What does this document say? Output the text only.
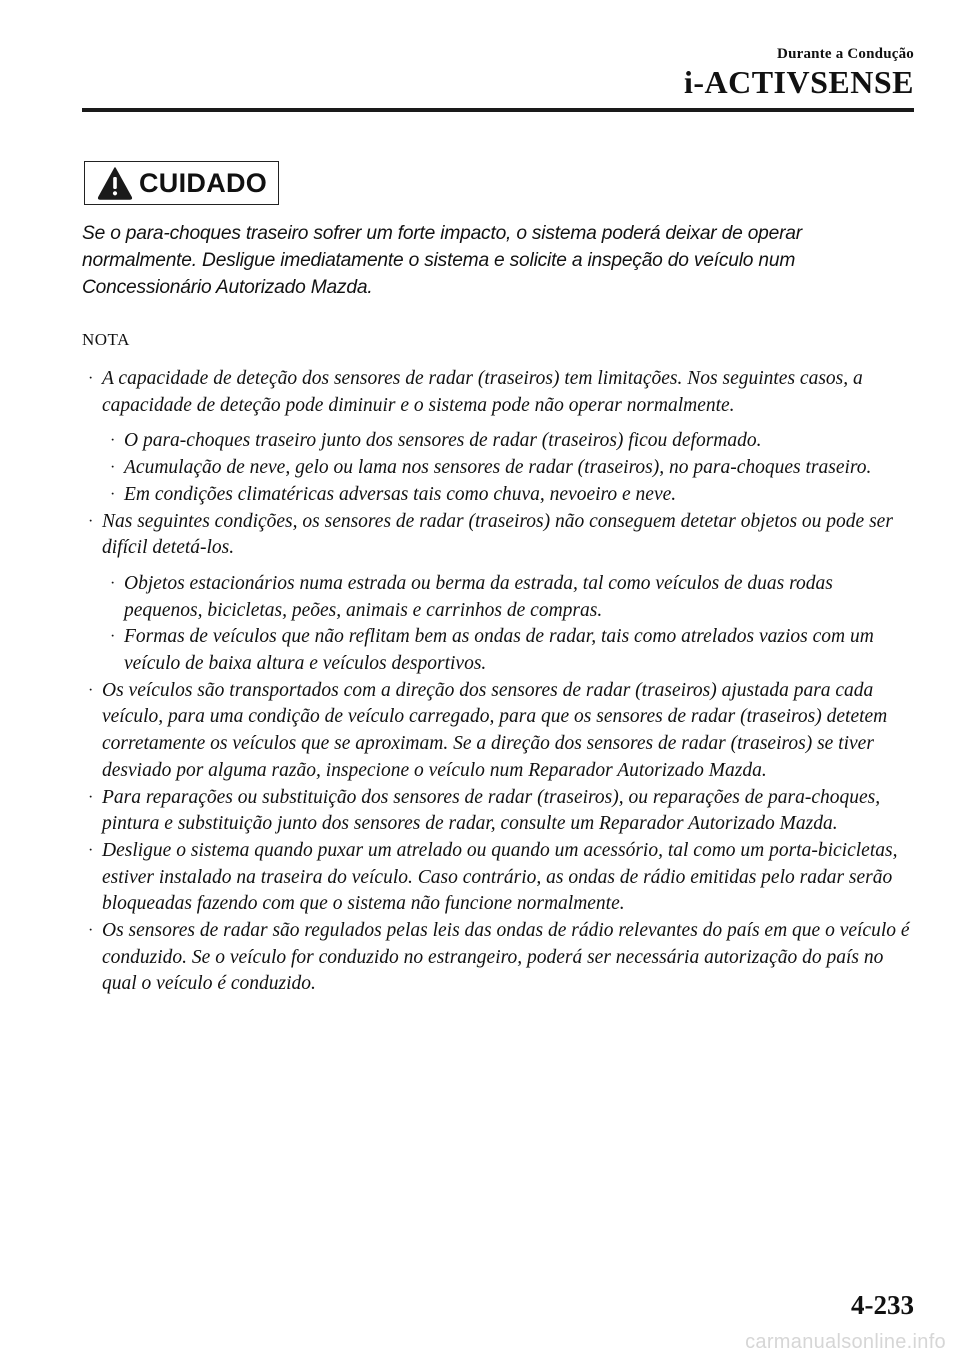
Durante a Condução
i-ACTIVSENSE
CUIDADO
Se o para-choques traseiro sofrer um forte impacto, o sistema poderá deixar de operar normalmente. Desligue imediatamente o sistema e solicite a inspeção do veículo num Concessionário Autorizado Mazda.
NOTA
· A capacidade de deteção dos sensores de radar (traseiros) tem limitações. Nos seguintes casos, a capacidade de deteção pode diminuir e o sistema pode não operar normalmente.
· O para-choques traseiro junto dos sensores de radar (traseiros) ficou deformado.
· Acumulação de neve, gelo ou lama nos sensores de radar (traseiros), no para-choques traseiro.
· Em condições climatéricas adversas tais como chuva, nevoeiro e neve.
· Nas seguintes condições, os sensores de radar (traseiros) não conseguem detetar objetos ou pode ser difícil detetá-los.
· Objetos estacionários numa estrada ou berma da estrada, tal como veículos de duas rodas pequenos, bicicletas, peões, animais e carrinhos de compras.
· Formas de veículos que não reflitam bem as ondas de radar, tais como atrelados vazios com um veículo de baixa altura e veículos desportivos.
· Os veículos são transportados com a direção dos sensores de radar (traseiros) ajustada para cada veículo, para uma condição de veículo carregado, para que os sensores de radar (traseiros) detetem corretamente os veículos que se aproximam. Se a direção dos sensores de radar (traseiros) se tiver desviado por alguma razão, inspecione o veículo num Reparador Autorizado Mazda.
· Para reparações ou substituição dos sensores de radar (traseiros), ou reparações de para-choques, pintura e substituição junto dos sensores de radar, consulte um Reparador Autorizado Mazda.
· Desligue o sistema quando puxar um atrelado ou quando um acessório, tal como um porta-bicicletas, estiver instalado na traseira do veículo. Caso contrário, as ondas de rádio emitidas pelo radar serão bloqueadas fazendo com que o sistema não funcione normalmente.
· Os sensores de radar são regulados pelas leis das ondas de rádio relevantes do país em que o veículo é conduzido. Se o veículo for conduzido no estrangeiro, poderá ser necessária autorização do país no qual o veículo é conduzido.
4-233
carmanualsonline.info
